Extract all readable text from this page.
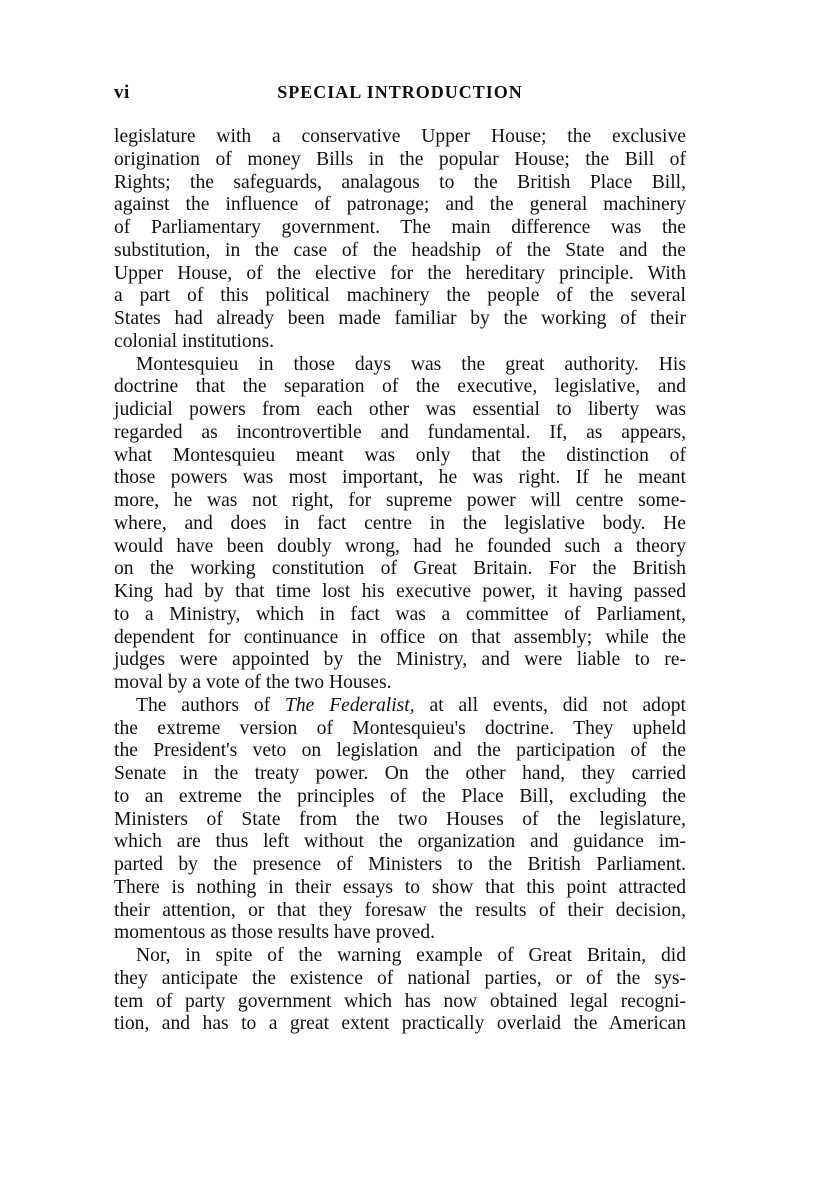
vi	SPECIAL INTRODUCTION
legislature with a conservative Upper House; the exclusive
origination of money Bills in the popular House; the Bill of
Rights; the safeguards, analagous to the British Place Bill,
against the influence of patronage; and the general machinery
of Parliamentary government. The main difference was the
substitution, in the case of the headship of the State and the
Upper House, of the elective for the hereditary principle. With
a part of this political machinery the people of the several
States had already been made familiar by the working of their
colonial institutions.
Montesquieu in those days was the great authority. His
doctrine that the separation of the executive, legislative, and
judicial powers from each other was essential to liberty was
regarded as incontrovertible and fundamental. If, as appears,
what Montesquieu meant was only that the distinction of
those powers was most important, he was right. If he meant
more, he was not right, for supreme power will centre some-
where, and does in fact centre in the legislative body. He
would have been doubly wrong, had he founded such a theory
on the working constitution of Great Britain. For the British
King had by that time lost his executive power, it having passed
to a Ministry, which in fact was a committee of Parliament,
dependent for continuance in office on that assembly; while the
judges were appointed by the Ministry, and were liable to re-
moval by a vote of the two Houses.
The authors of The Federalist, at all events, did not adopt
the extreme version of Montesquieu's doctrine. They upheld
the President's veto on legislation and the participation of the
Senate in the treaty power. On the other hand, they carried
to an extreme the principles of the Place Bill, excluding the
Ministers of State from the two Houses of the legislature,
which are thus left without the organization and guidance im-
parted by the presence of Ministers to the British Parliament.
There is nothing in their essays to show that this point attracted
their attention, or that they foresaw the results of their decision,
momentous as those results have proved.
Nor, in spite of the warning example of Great Britain, did
they anticipate the existence of national parties, or of the sys-
tem of party government which has now obtained legal recogni-
tion, and has to a great extent practically overlaid the American
